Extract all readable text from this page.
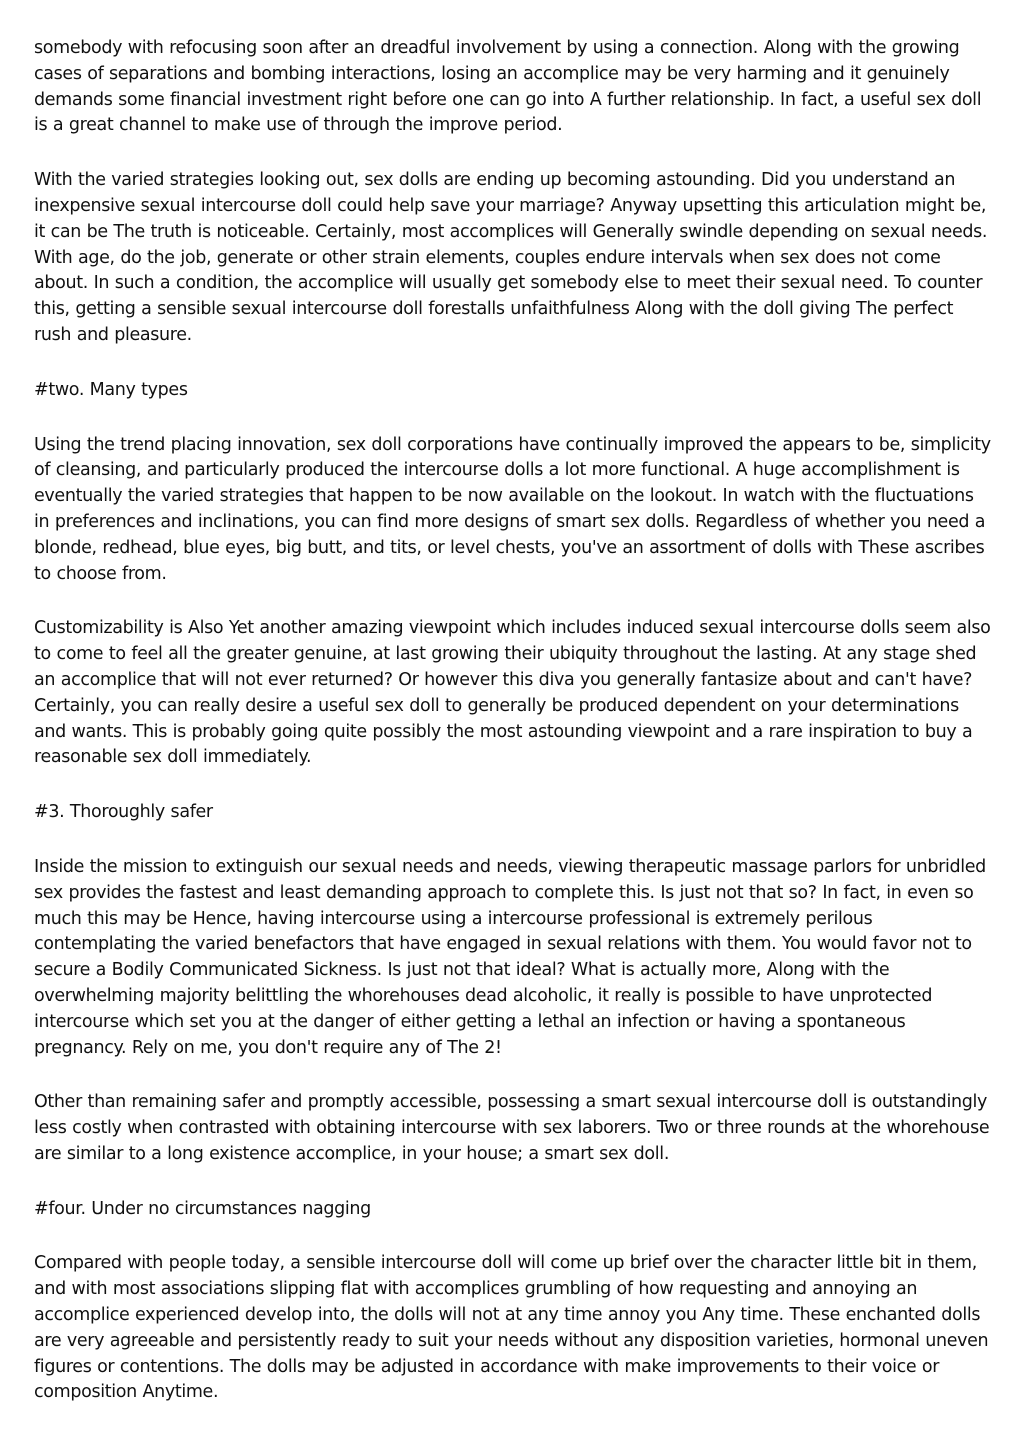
somebody with refocusing soon after an dreadful involvement by using a connection. Along with the growing cases of separations and bombing interactions, losing an accomplice may be very harming and it genuinely demands some financial investment right before one can go into A further relationship. In fact, a useful sex doll is a great channel to make use of through the improve period.

With the varied strategies looking out, sex dolls are ending up becoming astounding. Did you understand an inexpensive sexual intercourse doll could help save your marriage? Anyway upsetting this articulation might be, it can be The truth is noticeable. Certainly, most accomplices will Generally swindle depending on sexual needs. With age, do the job, generate or other strain elements, couples endure intervals when sex does not come about. In such a condition, the accomplice will usually get somebody else to meet their sexual need. To counter this, getting a sensible sexual intercourse doll forestalls unfaithfulness Along with the doll giving The perfect rush and pleasure.

#two. Many types

Using the trend placing innovation, sex doll corporations have continually improved the appears to be, simplicity of cleansing, and particularly produced the intercourse dolls a lot more functional. A huge accomplishment is eventually the varied strategies that happen to be now available on the lookout. In watch with the fluctuations in preferences and inclinations, you can find more designs of smart sex dolls. Regardless of whether you need a blonde, redhead, blue eyes, big butt, and tits, or level chests, you've an assortment of dolls with These ascribes to choose from.

Customizability is Also Yet another amazing viewpoint which includes induced sexual intercourse dolls seem also to come to feel all the greater genuine, at last growing their ubiquity throughout the lasting. At any stage shed an accomplice that will not ever returned? Or however this diva you generally fantasize about and can't have? Certainly, you can really desire a useful sex doll to generally be produced dependent on your determinations and wants. This is probably going quite possibly the most astounding viewpoint and a rare inspiration to buy a reasonable sex doll immediately.

#3. Thoroughly safer

Inside the mission to extinguish our sexual needs and needs, viewing therapeutic massage parlors for unbridled sex provides the fastest and least demanding approach to complete this. Is just not that so? In fact, in even so much this may be Hence, having intercourse using a intercourse professional is extremely perilous contemplating the varied benefactors that have engaged in sexual relations with them. You would favor not to secure a Bodily Communicated Sickness. Is just not that ideal? What is actually more, Along with the overwhelming majority belittling the whorehouses dead alcoholic, it really is possible to have unprotected intercourse which set you at the danger of either getting a lethal an infection or having a spontaneous pregnancy. Rely on me, you don't require any of The 2!

Other than remaining safer and promptly accessible, possessing a smart sexual intercourse doll is outstandingly less costly when contrasted with obtaining intercourse with sex laborers. Two or three rounds at the whorehouse are similar to a long existence accomplice, in your house; a smart sex doll.

#four. Under no circumstances nagging

Compared with people today, a sensible intercourse doll will come up brief over the character little bit in them, and with most associations slipping flat with accomplices grumbling of how requesting and annoying an accomplice experienced develop into, the dolls will not at any time annoy you Any time. These enchanted dolls are very agreeable and persistently ready to suit your needs without any disposition varieties, hormonal uneven figures or contentions. The dolls may be adjusted in accordance with make improvements to their voice or composition Anytime.
